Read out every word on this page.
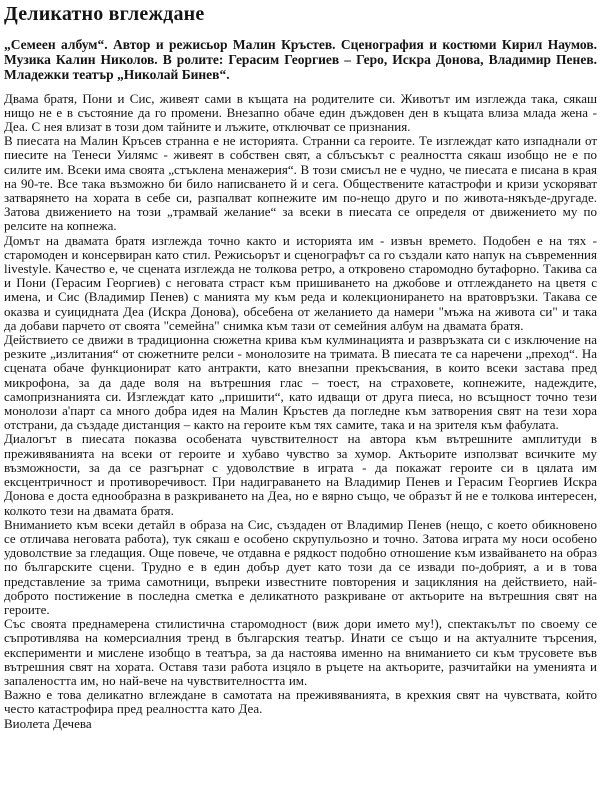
Деликатно вглеждане

„Семеен албум“. Автор и режисьор Малин Кръстев. Сценография и костюми Кирил Наумов. Музика Калин Николов. В ролите: Герасим Георгиев – Геро, Искра Донова, Владимир Пенев. Младежки театър „Николай Бинев“.

Двама братя, Пони и Сис, живеят сами в къщата на родителите си. Животът им изглежда така, сякаш нищо не е в състояние да го промени. Внезапно обаче един дъждовен ден в къщата влиза млада жена - Деа. С нея влизат в този дом тайните и лъжите, отключват се признания.

В пиесата на Малин Кръсев странна е не историята. Странни са героите. Те изглеждат като изпаднали от пиесите на Тенеси Уилямс - живеят в собствен свят, а сблъсъкът с реалността сякаш изобщо не е по силите им. Всеки има своята „стъклена менажерия“. В този смисъл не е чудно, че пиесата е писана в края на 90-те. Все така възможно би било написването й и сега. Обществените катастрофи и кризи ускоряват затварянето на хората в себе си, разпалват копнежите им по-нещо друго и по живота-някъде-другаде. Затова движението на този „трамвай желание“ за всеки в пиесата се определя от движението му по релсите на копнежа.

Домът на двамата братя изглежда точно както и историята им - извън времето. Подобен е на тях - старомоден и консервиран като стил. Режисьорът и сценографът са го създали като напук на съвременния livestyle. Качество е, че сцената изглежда не толкова ретро, а откровено старомодно бутафорно. Такива са и Пони (Герасим Георгиев) с неговата страст към пришиването на джобове и отглеждането на цветя с имена, и Сис (Владимир Пенев) с манията му към реда и колекционирането на вратовръзки. Такава се оказва и суицидната Деа (Искра Донова), обсебена от желанието да намери "мъжа на живота си" и така да добави парчето от своята "семейна" снимка към тази от семейния албум на двамата братя.

Действието се движи в традиционна сюжетна крива към кулминацията и развръзката си с изключение на резките „излитания“ от сюжетните релси - монолозите на тримата. В пиесата те са наречени „преход“. На сцената обаче функционират като антракти, като внезапни прекъсвания, в които всеки застава пред микрофона, за да даде воля на вътрешния глас – тоест, на страховете, копнежите, надеждите, самопризнанията си. Изглеждат като „пришити“, като идващи от друга пиеса, но всъщност точно тези монолози а'парт са много добра идея на Малин Кръстев да погледне към затворения свят на тези хора отстрани, да създаде дистанция – както на героите към тях самите, така и на зрителя към фабулата.

Диалогът в пиесата показва особената чувствителност на автора към вътрешните амплитуди в преживяванията на всеки от героите и хубаво чувство за хумор. Актьорите използват всичките му възможности, за да се разгърнат с удоволствие в играта - да покажат героите си в цялата им ексцентричност и противоречивост. При надиграването на Владимир Пенев и Герасим Георгиев Искра Донова е доста еднообразна в разкриването на Деа, но е вярно също, че образът й не е толкова интересен, колкото тези на двамата братя.

Вниманието към всеки детайл в образа на Сис, създаден от Владимир Пенев (нещо, с което обикновено се отличава неговата работа), тук сякаш е особено скрупульозно и точно. Затова играта му носи особено удоволствие за гледащия. Още повече, че отдавна е рядкост подобно отношение към извайването на образ по българските сцени. Трудно е в един добър дует като този да се извади по-добрият, а и в това представление за трима самотници, въпреки известните повторения и зацикляния на действието, най-доброто постижение в последна сметка е деликатното разкриване от актьорите на вътрешния свят на героите.

Със своята преднамерена стилистична старомодност (виж дори името му!), спектакълът по своему се съпротивлява на комерсиалния тренд в българския театър. Инати се също и на актуалните търсения, експерименти и мислене изобщо в театъра, за да настоява именно на вниманието си към трусовете във вътрешния свят на хората. Оставя тази работа изцяло в ръцете на актьорите, разчитайки на уменията и запалеността им, но най-вече на чувствителността им.

Важно е това деликатно вглеждане в самотата на преживяванията, в крехкия свят на чувствата, който често катастрофира пред реалността като Деа.

Виолета Дечева
